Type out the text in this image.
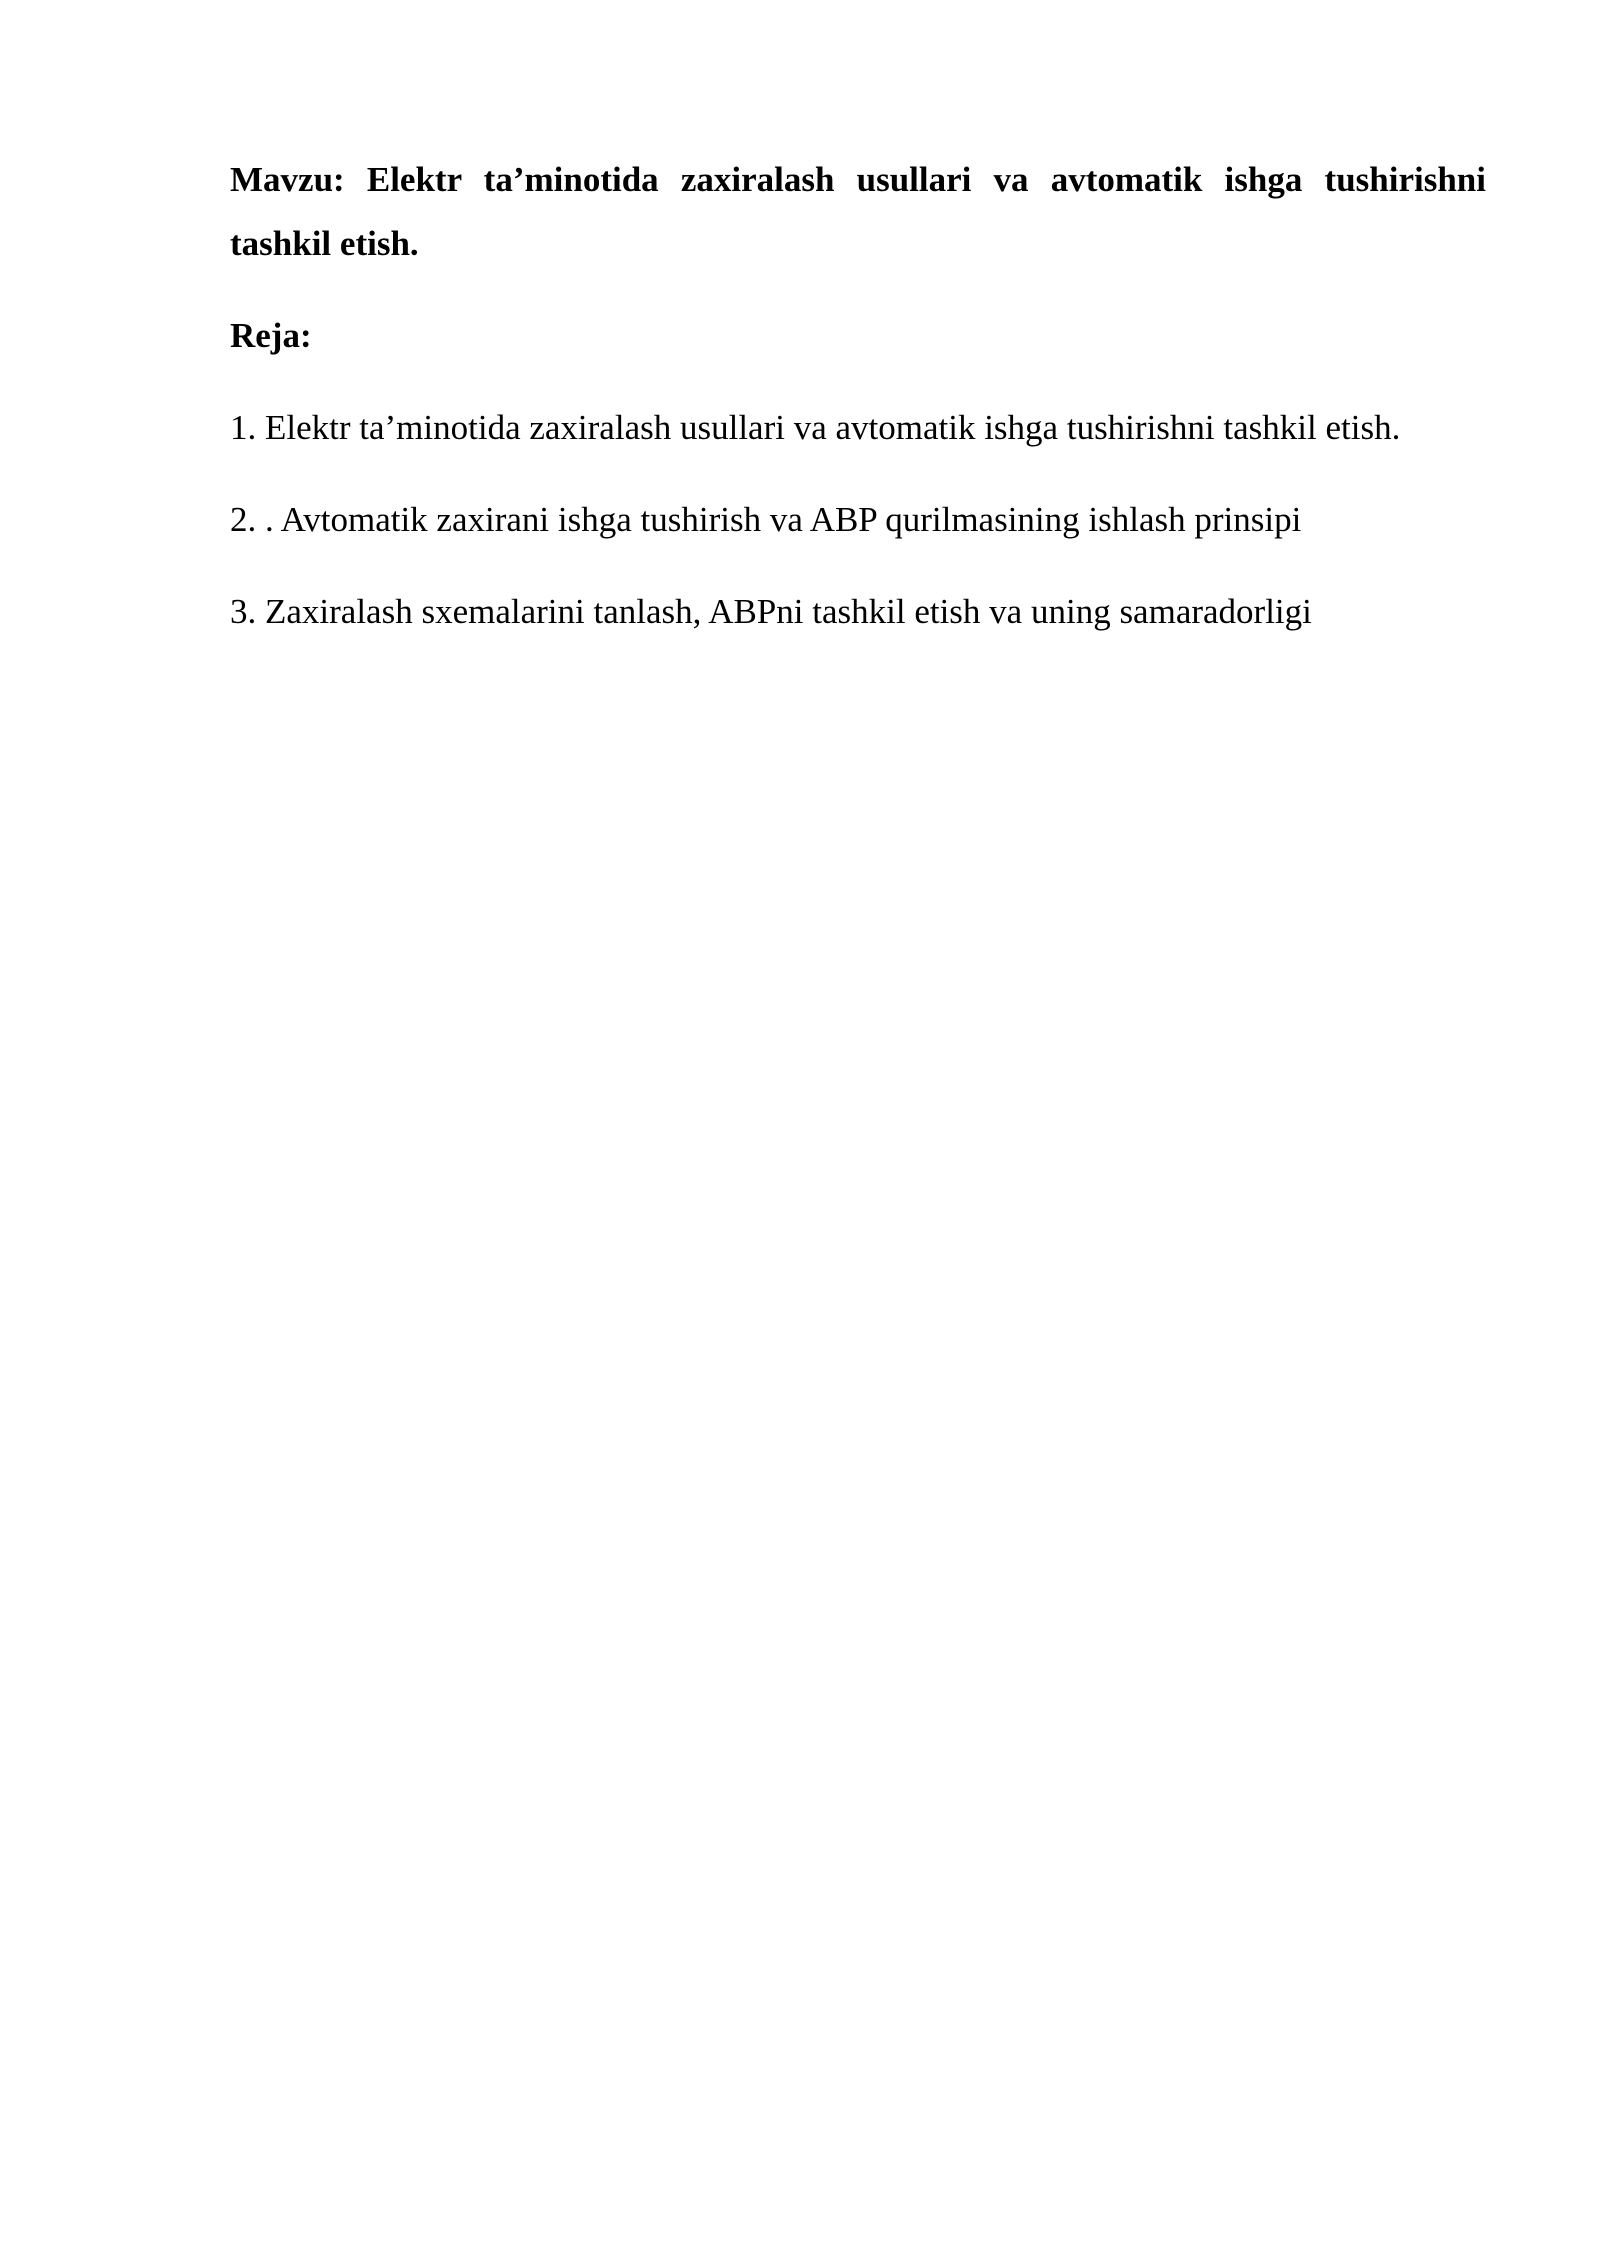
Mavzu: Elektr ta’minotida zaxiralash usullari va avtomatik ishga tushirishni tashkil etish.

Reja:

1. Elektr ta’minotida zaxiralash usullari va avtomatik ishga tushirishni tashkil etish.

2. . Avtomatik zaxirani ishga tushirish va ABP qurilmasining ishlash prinsipi

3. Zaxiralash sxemalarini tanlash, ABPni tashkil etish va uning samaradorligi
